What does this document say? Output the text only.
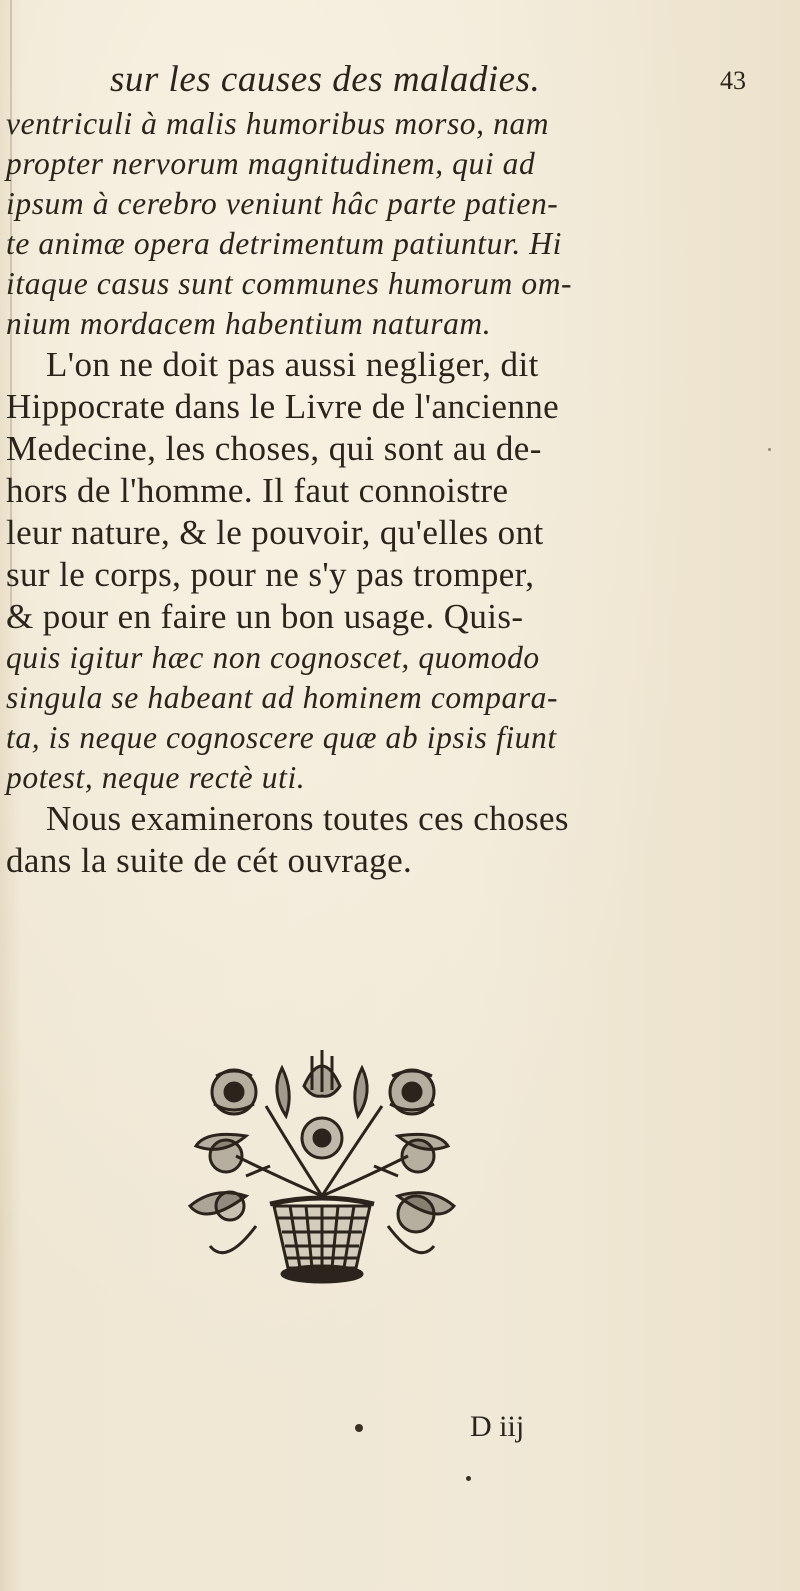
sur les causes des maladies.	43
ventriculi à malis humoribus morso, nam
propter nervorum magnitudinem, qui ad
ipsum à cerebro veniunt hâc parte patien-
te animæ opera detrimentum patiuntur. Hi
itaque casus sunt communes humorum om-
nium mordacem habentium naturam.
L'on ne doit pas aussi negliger, dit
Hippocrate dans le Livre de l'ancienne
Medecine, les choses, qui sont au de-
hors de l'homme. Il faut connoistre
leur nature, & le pouvoir, qu'elles ont
sur le corps, pour ne s'y pas tromper,
& pour en faire un bon usage. Quis-
quis igitur hæc non cognoscet, quomodo
singula se habeant ad hominem compara-
ta, is neque cognoscere quæ ab ipsis fiunt
potest, neque rectè uti.
Nous examinerons toutes ces choses
dans la suite de cét ouvrage.
D iij
